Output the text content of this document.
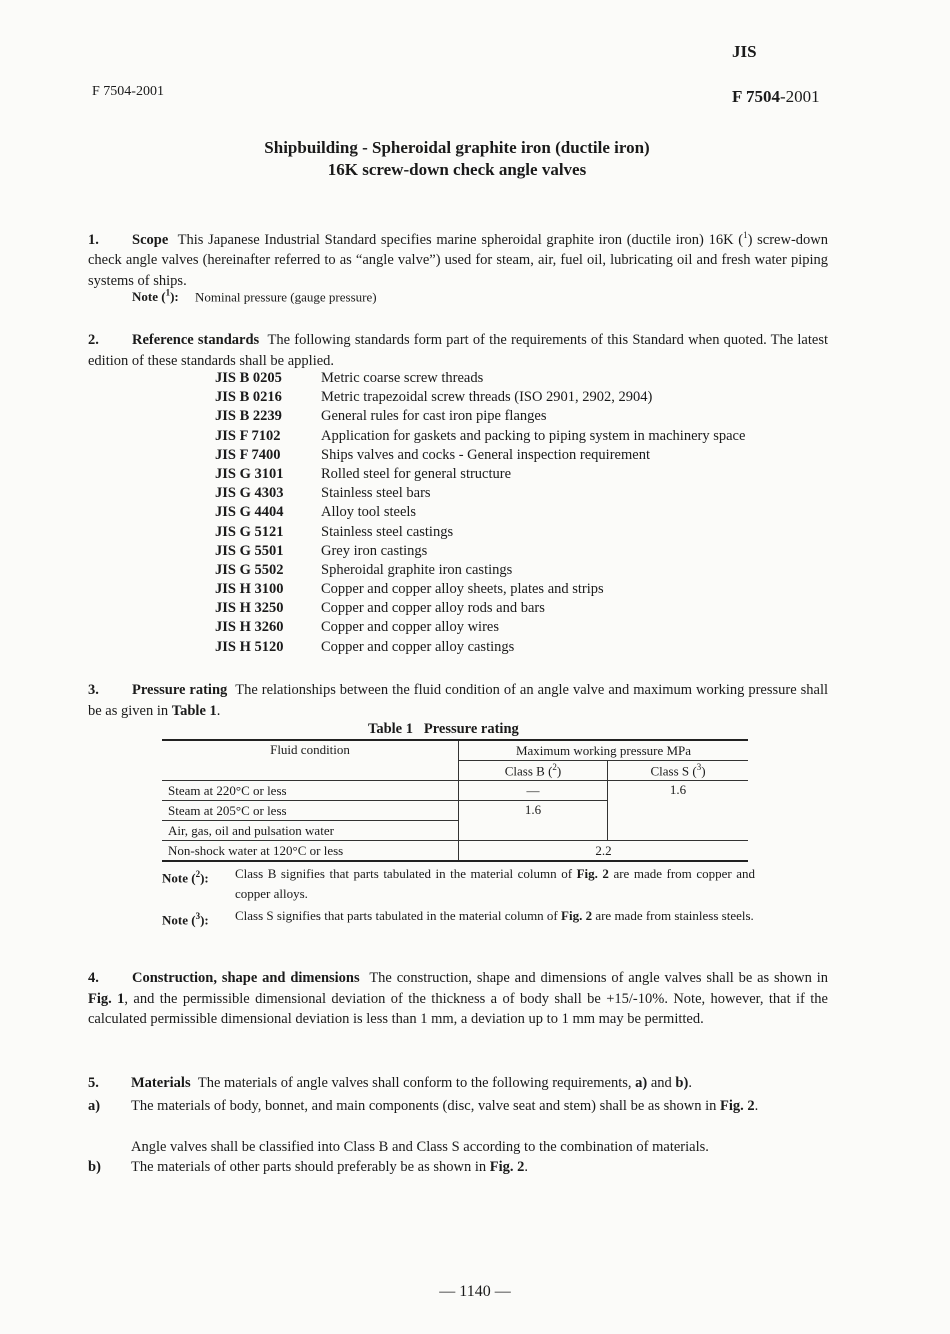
F 7504-2001
JIS
F 7504-2001
Shipbuilding - Spheroidal graphite iron (ductile iron)
16K screw-down check angle valves
1. Scope This Japanese Industrial Standard specifies marine spheroidal graphite iron (ductile iron) 16K ($^1$) screw-down check angle valves (hereinafter referred to as “angle valve”) used for steam, air, fuel oil, lubricating oil and fresh water piping systems of ships.
Note ($^1$): Nominal pressure (gauge pressure)
2. Reference standards The following standards form part of the requirements of this Standard when quoted. The latest edition of these standards shall be applied.
JIS B 0205	Metric coarse screw threads
JIS B 0216	Metric trapezoidal screw threads (ISO 2901, 2902, 2904)
JIS B 2239	General rules for cast iron pipe flanges
JIS F 7102	Application for gaskets and packing to piping system in machinery space
JIS F 7400	Ships valves and cocks - General inspection requirement
JIS G 3101	Rolled steel for general structure
JIS G 4303	Stainless steel bars
JIS G 4404	Alloy tool steels
JIS G 5121	Stainless steel castings
JIS G 5501	Grey iron castings
JIS G 5502	Spheroidal graphite iron castings
JIS H 3100	Copper and copper alloy sheets, plates and strips
JIS H 3250	Copper and copper alloy rods and bars
JIS H 3260	Copper and copper alloy wires
JIS H 5120	Copper and copper alloy castings
3. Pressure rating The relationships between the fluid condition of an angle valve and maximum working pressure shall be as given in Table 1.
Table 1   Pressure rating
Fluid condition	Maximum working pressure MPa	
	Class B ($^2$)	Class S ($^3$)
Steam at 220°C or less	—	1.6
Steam at 205°C or less	1.6	
Air, gas, oil and pulsation water		
Non-shock water at 120°C or less	2.2	
Note ($^2$): Class B signifies that parts tabulated in the material column of Fig. 2 are made from copper and copper alloys.
Note ($^3$): Class S signifies that parts tabulated in the material column of Fig. 2 are made from stainless steels.
4. Construction, shape and dimensions The construction, shape and dimensions of angle valves shall be as shown in Fig. 1, and the permissible dimensional deviation of the thickness a of body shall be +15/-10%. Note, however, that if the calculated permissible dimensional deviation is less than 1 mm, a deviation up to 1 mm may be permitted.
5. Materials The materials of angle valves shall conform to the following requirements, a) and b).
a) The materials of body, bonnet, and main components (disc, valve seat and stem) shall be as shown in Fig. 2.
Angle valves shall be classified into Class B and Class S according to the combination of materials.
b) The materials of other parts should preferably be as shown in Fig. 2.
— 1140 —
